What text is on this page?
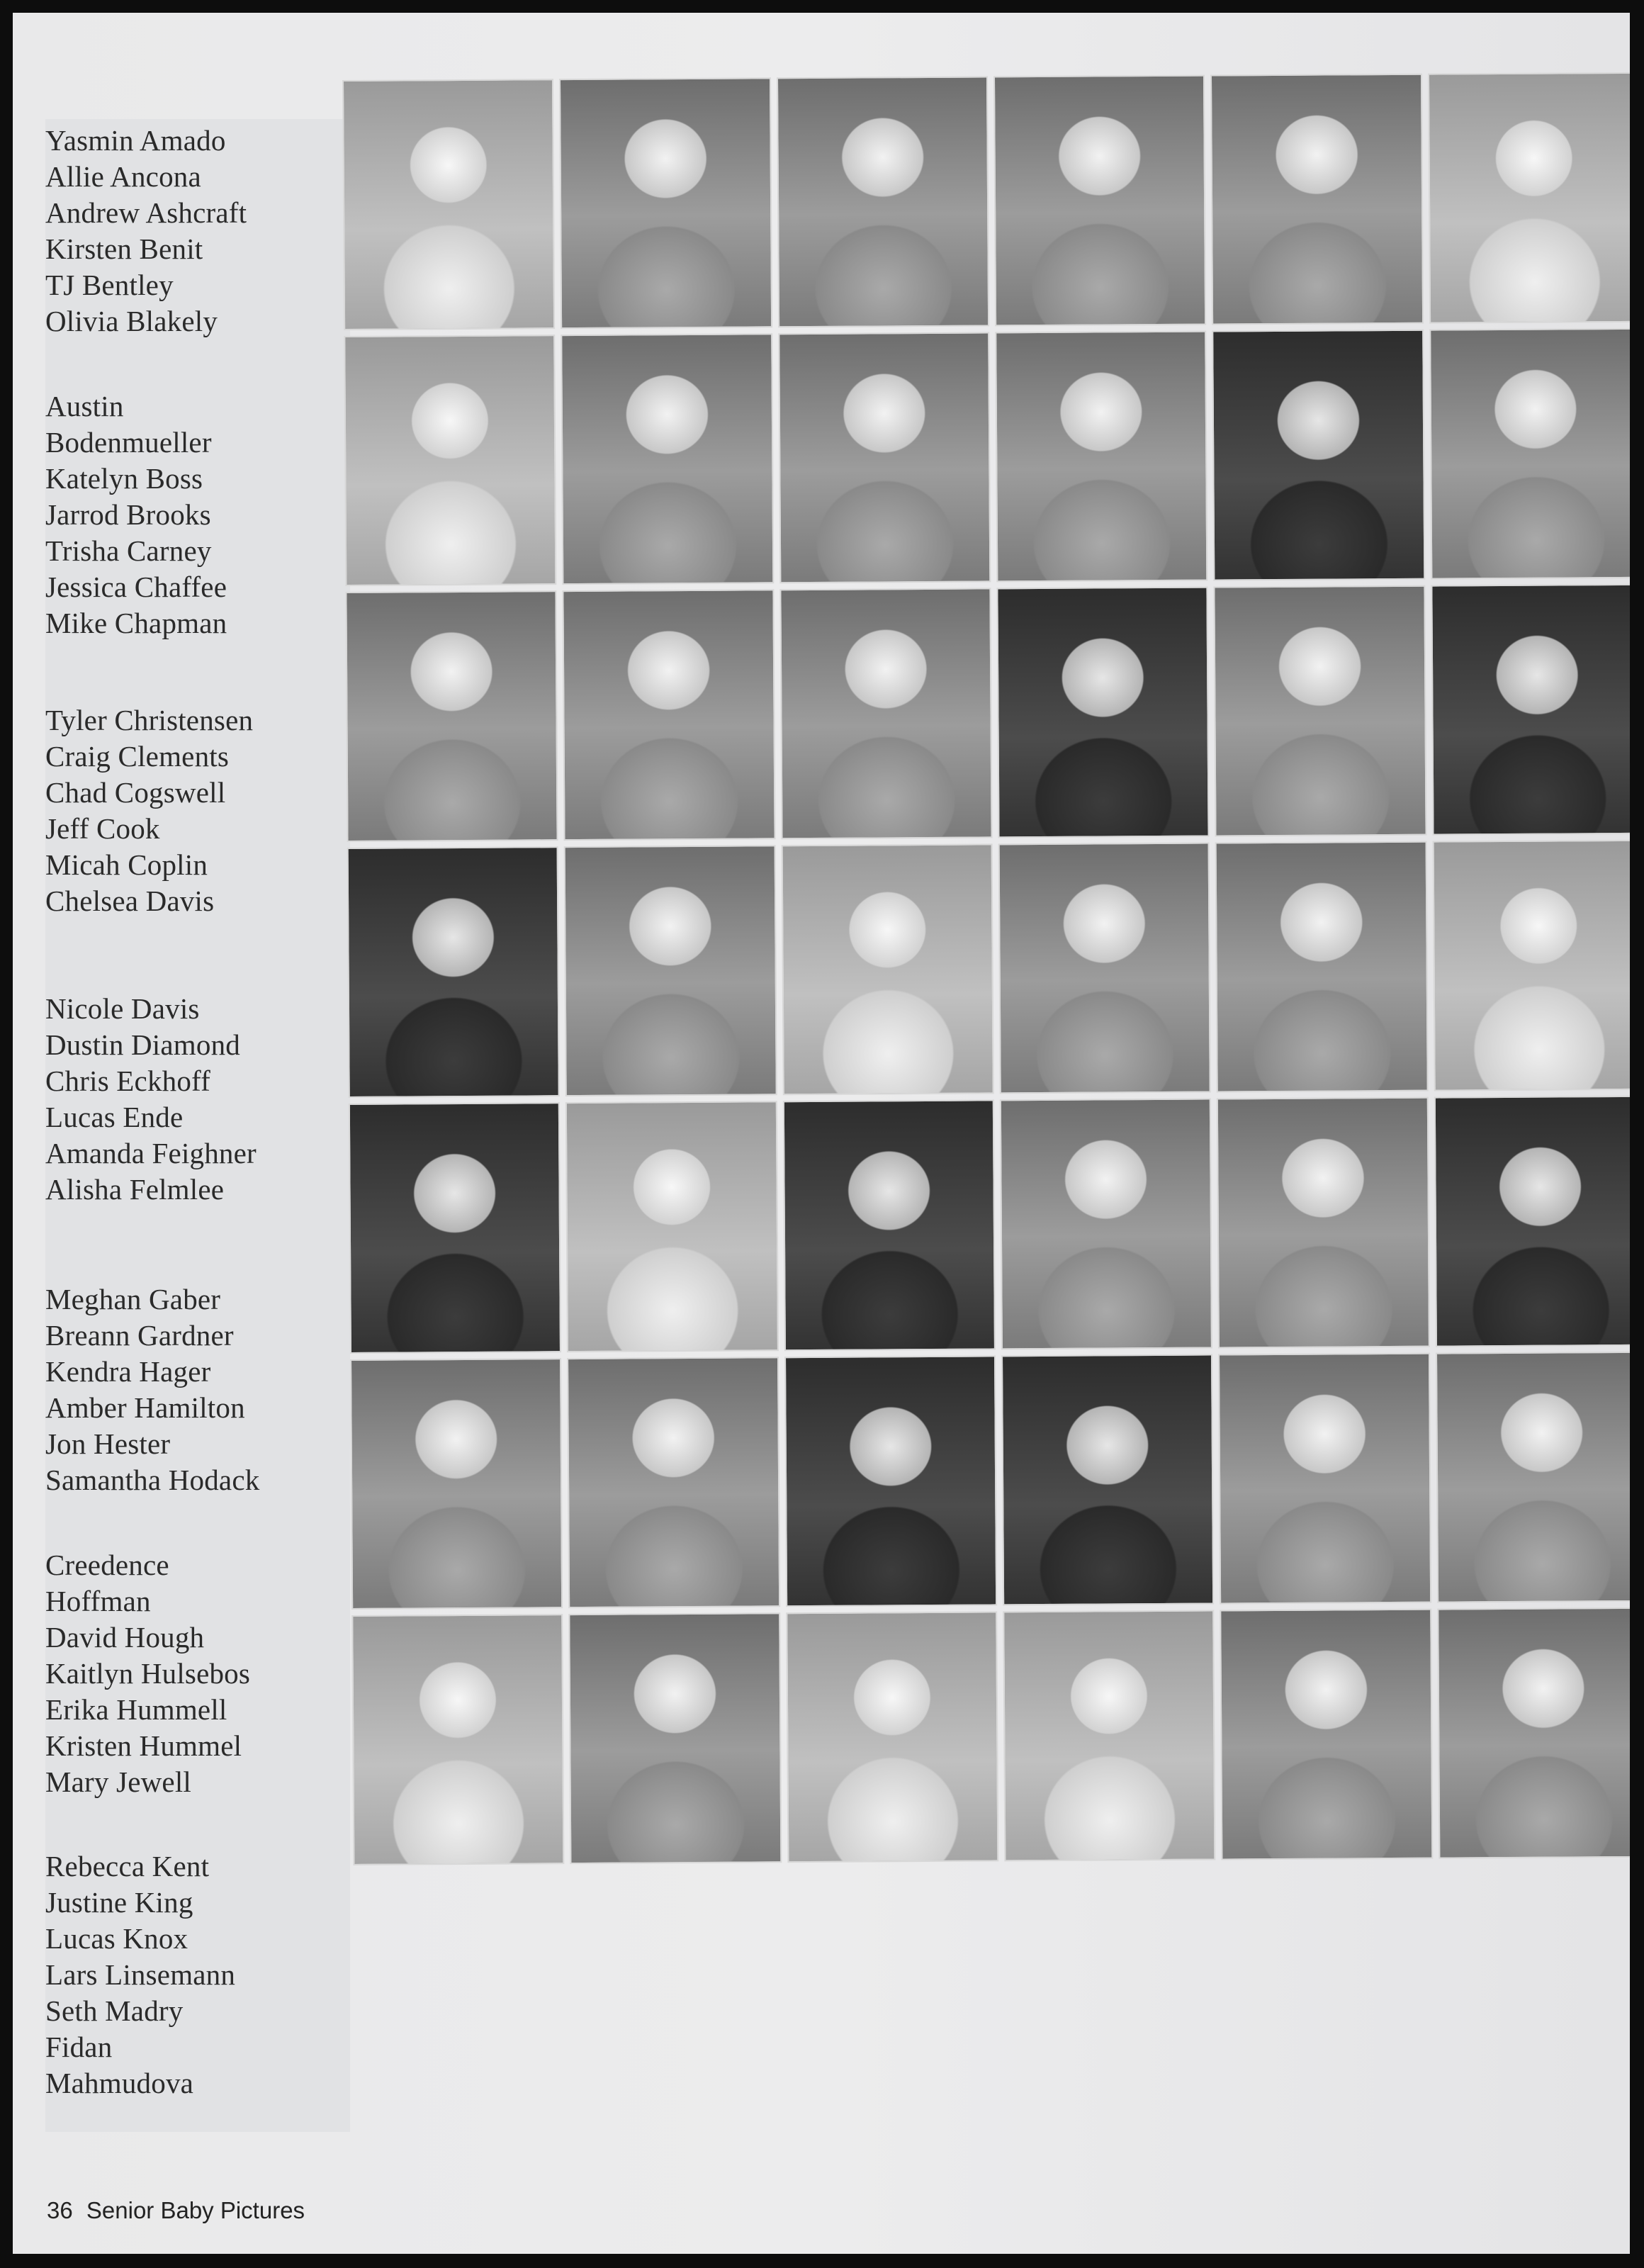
Yasmin Amado
Allie Ancona
Andrew Ashcraft
Kirsten Benit
TJ Bentley
Olivia Blakely
Austin
Bodenmueller
Katelyn Boss
Jarrod Brooks
Trisha Carney
Jessica Chaffee
Mike Chapman
Tyler Christensen
Craig Clements
Chad Cogswell
Jeff Cook
Micah Coplin
Chelsea Davis
Nicole Davis
Dustin Diamond
Chris Eckhoff
Lucas Ende
Amanda Feighner
Alisha Felmlee
Meghan Gaber
Breann Gardner
Kendra Hager
Amber Hamilton
Jon Hester
Samantha Hodack
Creedence
Hoffman
David Hough
Kaitlyn Hulsebos
Erika Hummell
Kristen Hummel
Mary Jewell
Rebecca Kent
Justine King
Lucas Knox
Lars Linsemann
Seth Madry
Fidan
Mahmudova
36 Senior Baby Pictures
